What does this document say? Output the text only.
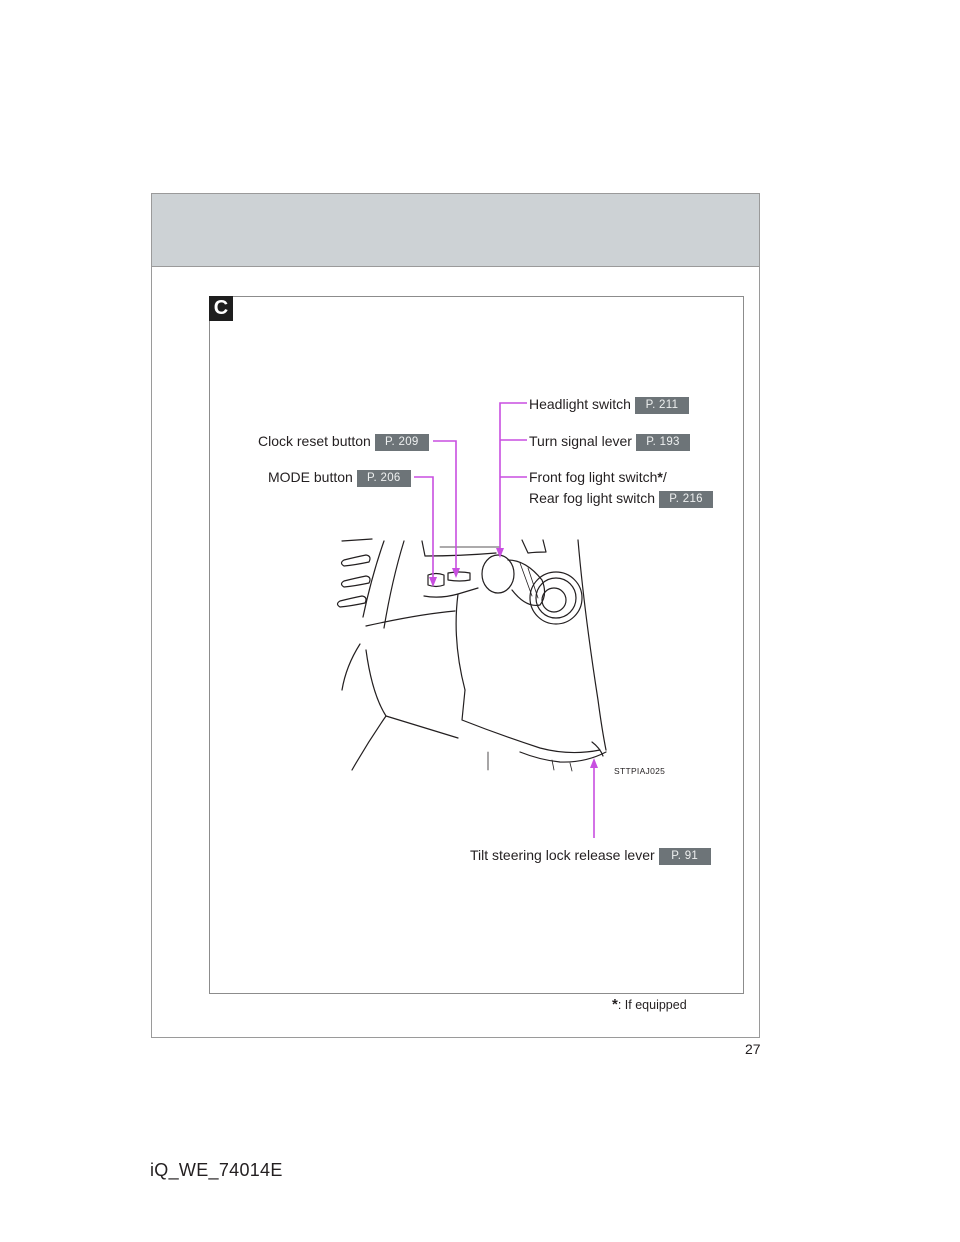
C
Headlight switch P. 211
Turn signal lever P. 193
Front fog light switch*/
Rear fog light switch P. 216
Clock reset button P. 209
MODE button P. 206
Tilt steering lock release lever P. 91
STTPIAJ025
*: If equipped
27
iQ_WE_74014E
